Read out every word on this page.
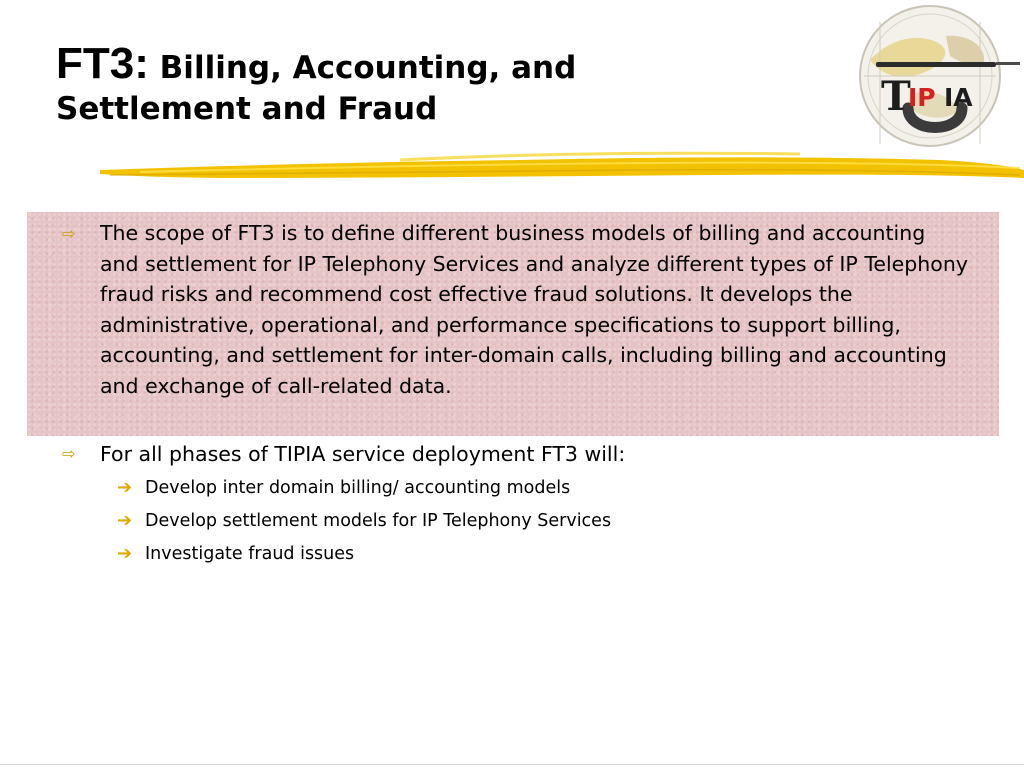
FT3: Billing, Accounting, and
Settlement and Fraud	T
IP IA
⇨ The scope of FT3 is to define different business models of billing and accounting and settlement for IP Telephony Services and analyze different types of IP Telephony fraud risks and recommend cost effective fraud solutions. It develops the administrative, operational, and performance specifications to support billing, accounting, and settlement for inter-domain calls, including billing and accounting and exchange of call-related data.
⇨ For all phases of TIPIA service deployment FT3 will:
➔ Develop inter domain billing/ accounting models
➔ Develop settlement models for IP Telephony Services
➔ Investigate fraud issues
